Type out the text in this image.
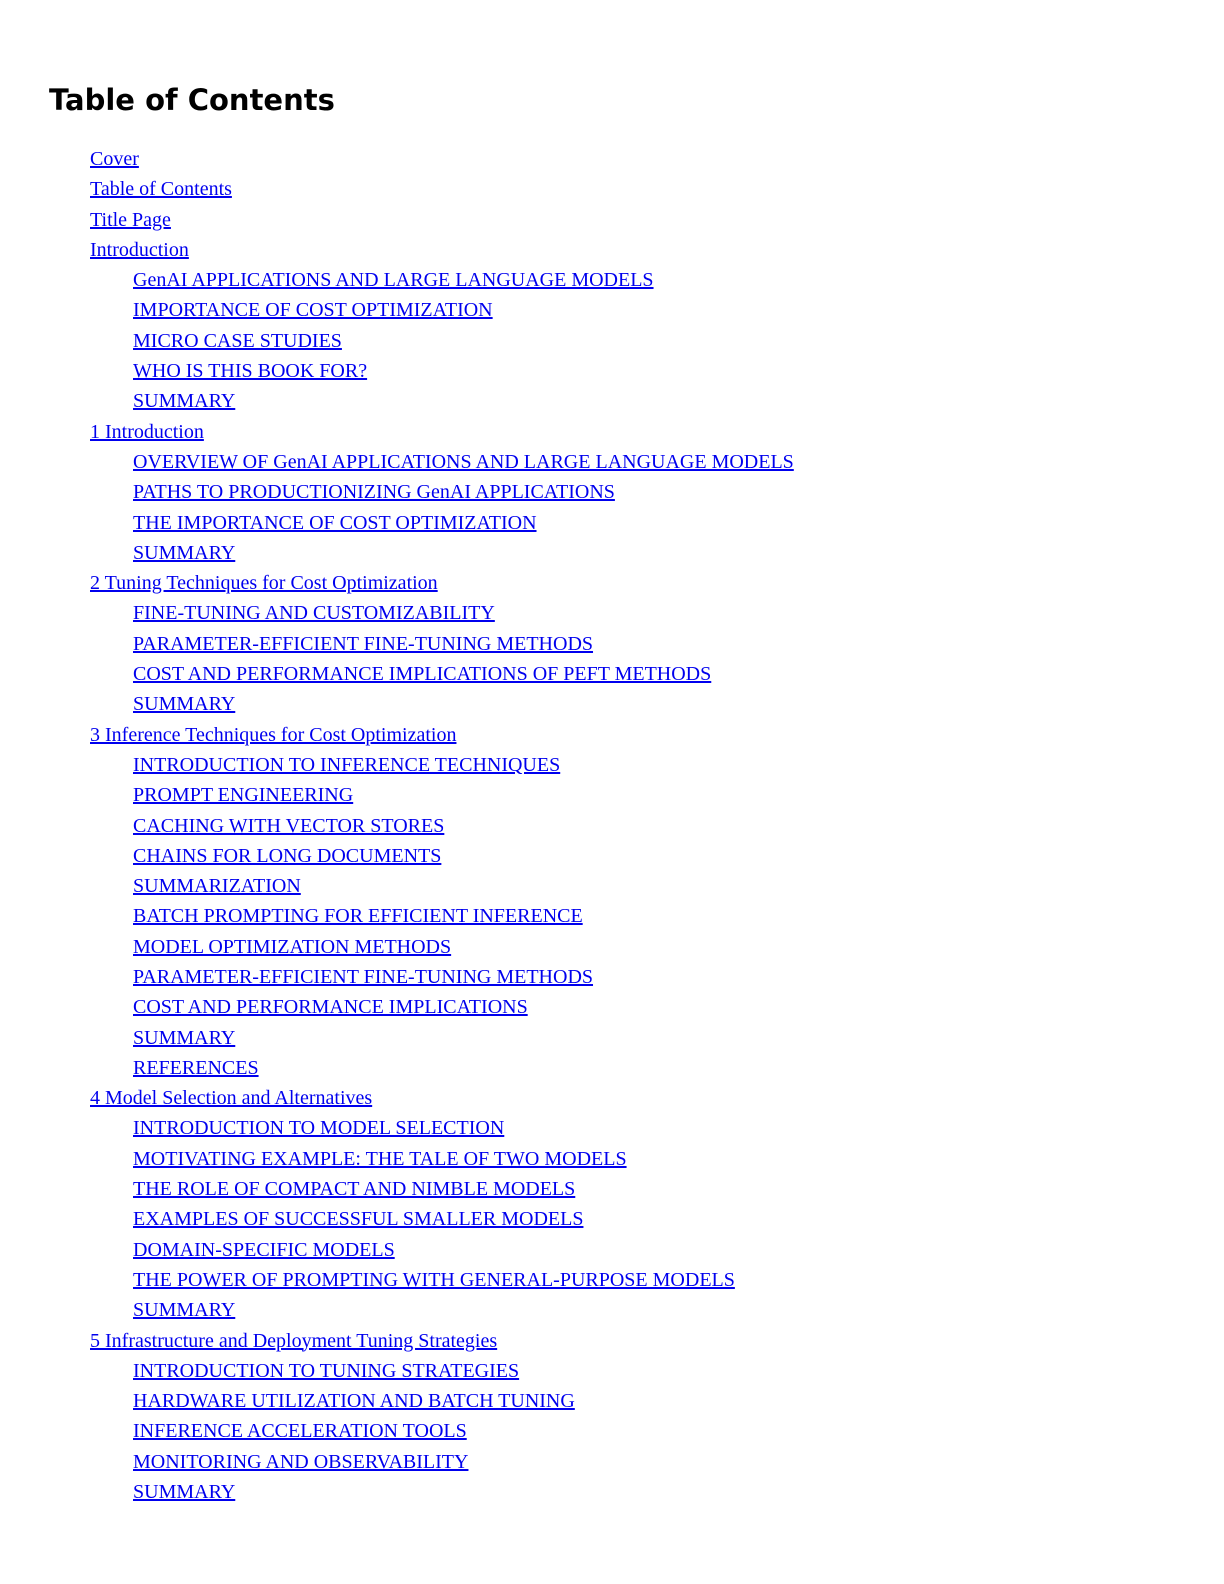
Table of Contents
Cover
Table of Contents
Title Page
Introduction
GenAI APPLICATIONS AND LARGE LANGUAGE MODELS
IMPORTANCE OF COST OPTIMIZATION
MICRO CASE STUDIES
WHO IS THIS BOOK FOR?
SUMMARY
1 Introduction
OVERVIEW OF GenAI APPLICATIONS AND LARGE LANGUAGE MODELS
PATHS TO PRODUCTIONIZING GenAI APPLICATIONS
THE IMPORTANCE OF COST OPTIMIZATION
SUMMARY
2 Tuning Techniques for Cost Optimization
FINE-TUNING AND CUSTOMIZABILITY
PARAMETER-EFFICIENT FINE-TUNING METHODS
COST AND PERFORMANCE IMPLICATIONS OF PEFT METHODS
SUMMARY
3 Inference Techniques for Cost Optimization
INTRODUCTION TO INFERENCE TECHNIQUES
PROMPT ENGINEERING
CACHING WITH VECTOR STORES
CHAINS FOR LONG DOCUMENTS
SUMMARIZATION
BATCH PROMPTING FOR EFFICIENT INFERENCE
MODEL OPTIMIZATION METHODS
PARAMETER-EFFICIENT FINE-TUNING METHODS
COST AND PERFORMANCE IMPLICATIONS
SUMMARY
REFERENCES
4 Model Selection and Alternatives
INTRODUCTION TO MODEL SELECTION
MOTIVATING EXAMPLE: THE TALE OF TWO MODELS
THE ROLE OF COMPACT AND NIMBLE MODELS
EXAMPLES OF SUCCESSFUL SMALLER MODELS
DOMAIN-SPECIFIC MODELS
THE POWER OF PROMPTING WITH GENERAL-PURPOSE MODELS
SUMMARY
5 Infrastructure and Deployment Tuning Strategies
INTRODUCTION TO TUNING STRATEGIES
HARDWARE UTILIZATION AND BATCH TUNING
INFERENCE ACCELERATION TOOLS
MONITORING AND OBSERVABILITY
SUMMARY
